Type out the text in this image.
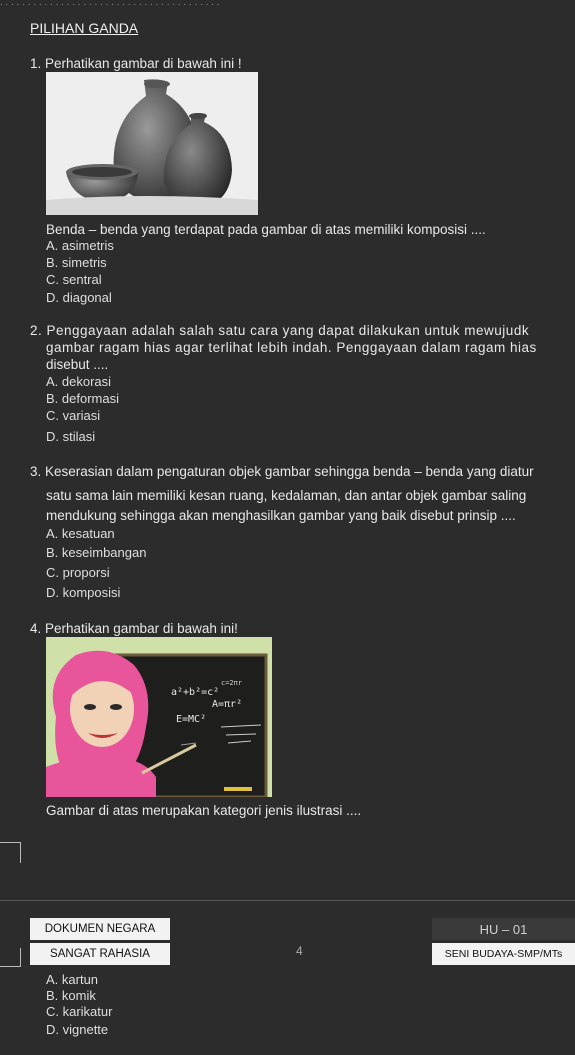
. . . . . . . . . . . . . . . . . . . . . . . . . . . . . . . . . . . . . . . .
PILIHAN GANDA
1. Perhatikan gambar di bawah ini !
Benda – benda yang terdapat pada gambar di atas memiliki komposisi ....
A. asimetris
B. simetris
C. sentral
D. diagonal
2. Penggayaan adalah salah satu cara yang dapat dilakukan untuk mewujudk
gambar ragam hias agar terlihat lebih indah. Penggayaan dalam ragam hias
disebut ....
A. dekorasi
B. deformasi
C. variasi
D. stilasi
3. Keserasian dalam pengaturan objek gambar sehingga benda – benda yang diatur
satu sama lain memiliki kesan ruang, kedalaman, dan antar objek gambar saling
mendukung sehingga akan menghasilkan gambar yang baik disebut prinsip ....
A. kesatuan
B. keseimbangan
C. proporsi
D. komposisi
4. Perhatikan gambar di bawah ini!
a²+b²=c²
A=πr²
E=MC²
c=2πr
Gambar di atas merupakan kategori jenis ilustrasi ....
DOKUMEN NEGARA
SANGAT RAHASIA	4
HU – 01
SENI BUDAYA-SMP/MTs
A. kartun
B. komik
C. karikatur
D. vignette
